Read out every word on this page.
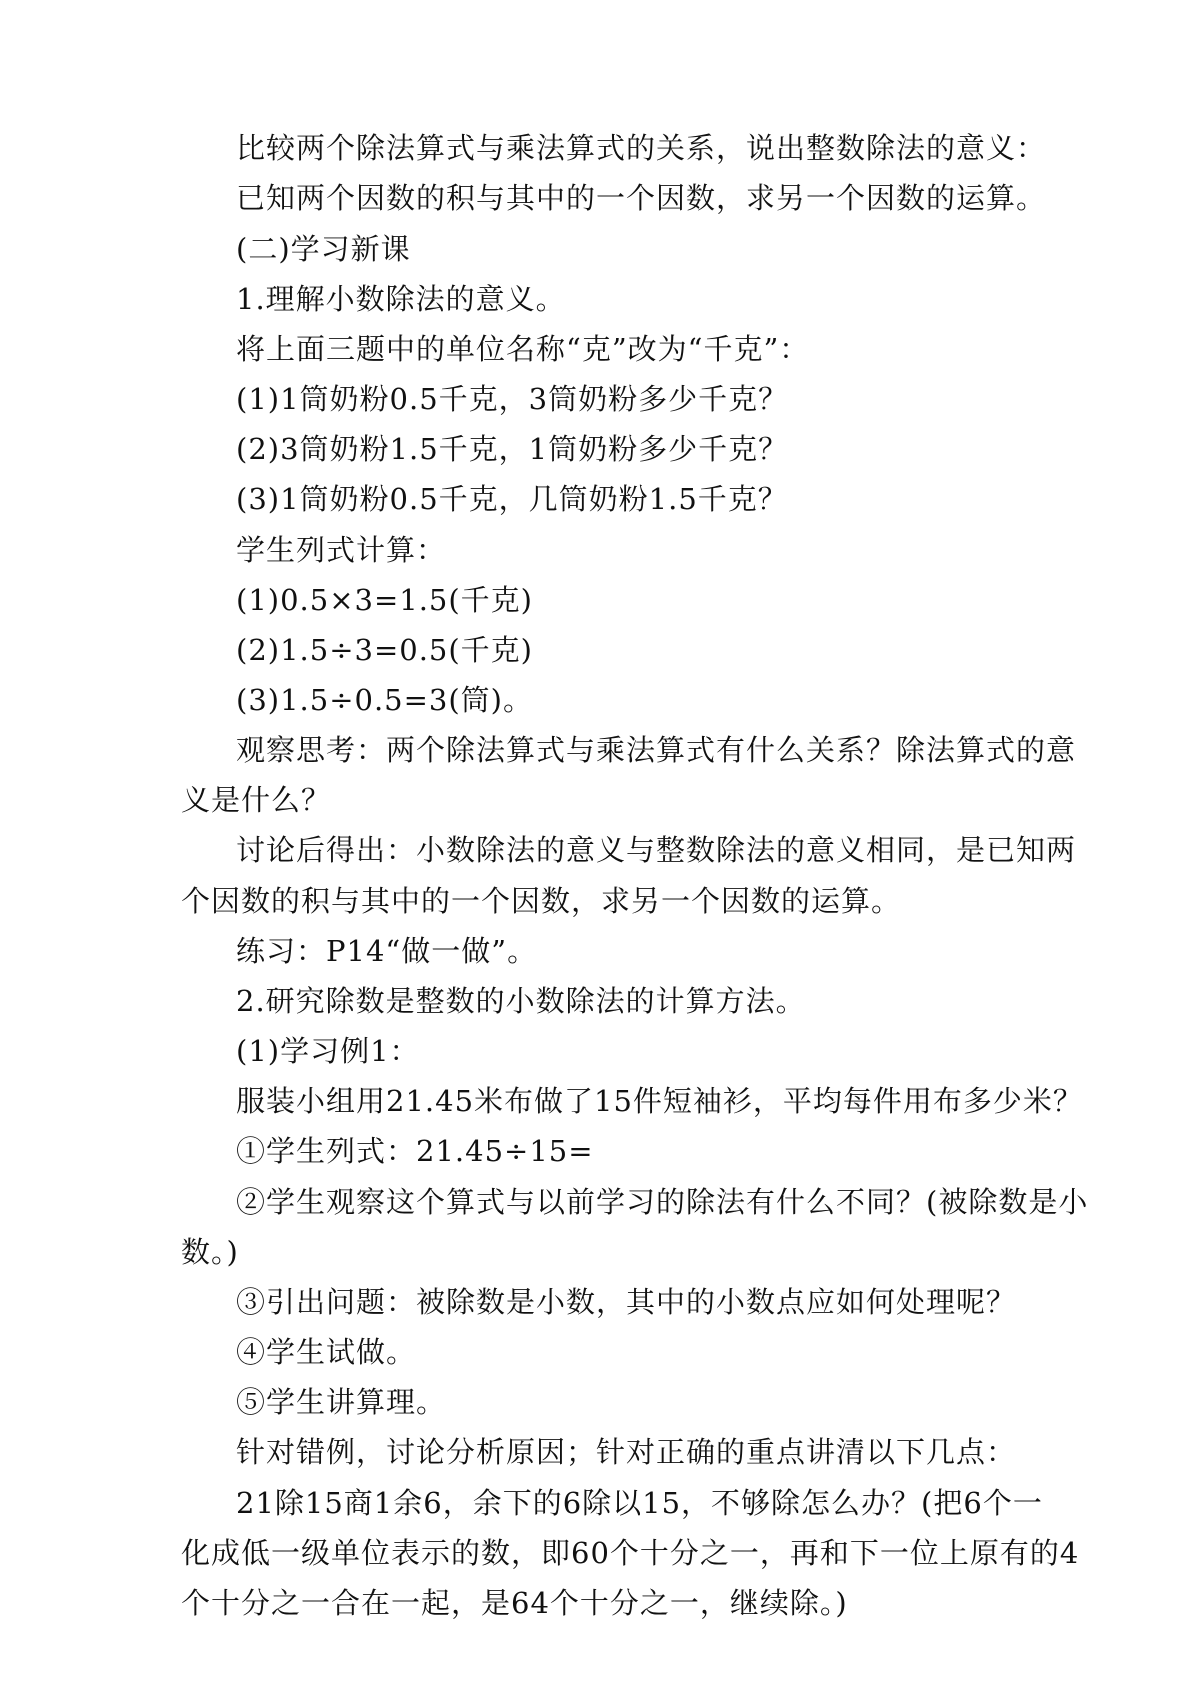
比较两个除法算式与乘法算式的关系，说出整数除法的意义：
已知两个因数的积与其中的一个因数，求另一个因数的运算。
(二)学习新课
1.理解小数除法的意义。
将上面三题中的单位名称“克”改为“千克”：
(1)1筒奶粉0.5千克，3筒奶粉多少千克？
(2)3筒奶粉1.5千克，1筒奶粉多少千克？
(3)1筒奶粉0.5千克，几筒奶粉1.5千克？
学生列式计算：
(1)0.5×3=1.5(千克)
(2)1.5÷3=0.5(千克)
(3)1.5÷0.5=3(筒)。
观察思考：两个除法算式与乘法算式有什么关系？除法算式的意
义是什么？
讨论后得出：小数除法的意义与整数除法的意义相同，是已知两
个因数的积与其中的一个因数，求另一个因数的运算。
练习：P14“做一做”。
2.研究除数是整数的小数除法的计算方法。
(1)学习例1：
服装小组用21.45米布做了15件短袖衫，平均每件用布多少米？
①学生列式：21.45÷15=
②学生观察这个算式与以前学习的除法有什么不同？(被除数是小
数。)
③引出问题：被除数是小数，其中的小数点应如何处理呢？
④学生试做。
⑤学生讲算理。
针对错例，讨论分析原因；针对正确的重点讲清以下几点：
21除15商1余6，余下的6除以15，不够除怎么办？(把6个一
化成低一级单位表示的数，即60个十分之一，再和下一位上原有的4
个十分之一合在一起，是64个十分之一，继续除。)
